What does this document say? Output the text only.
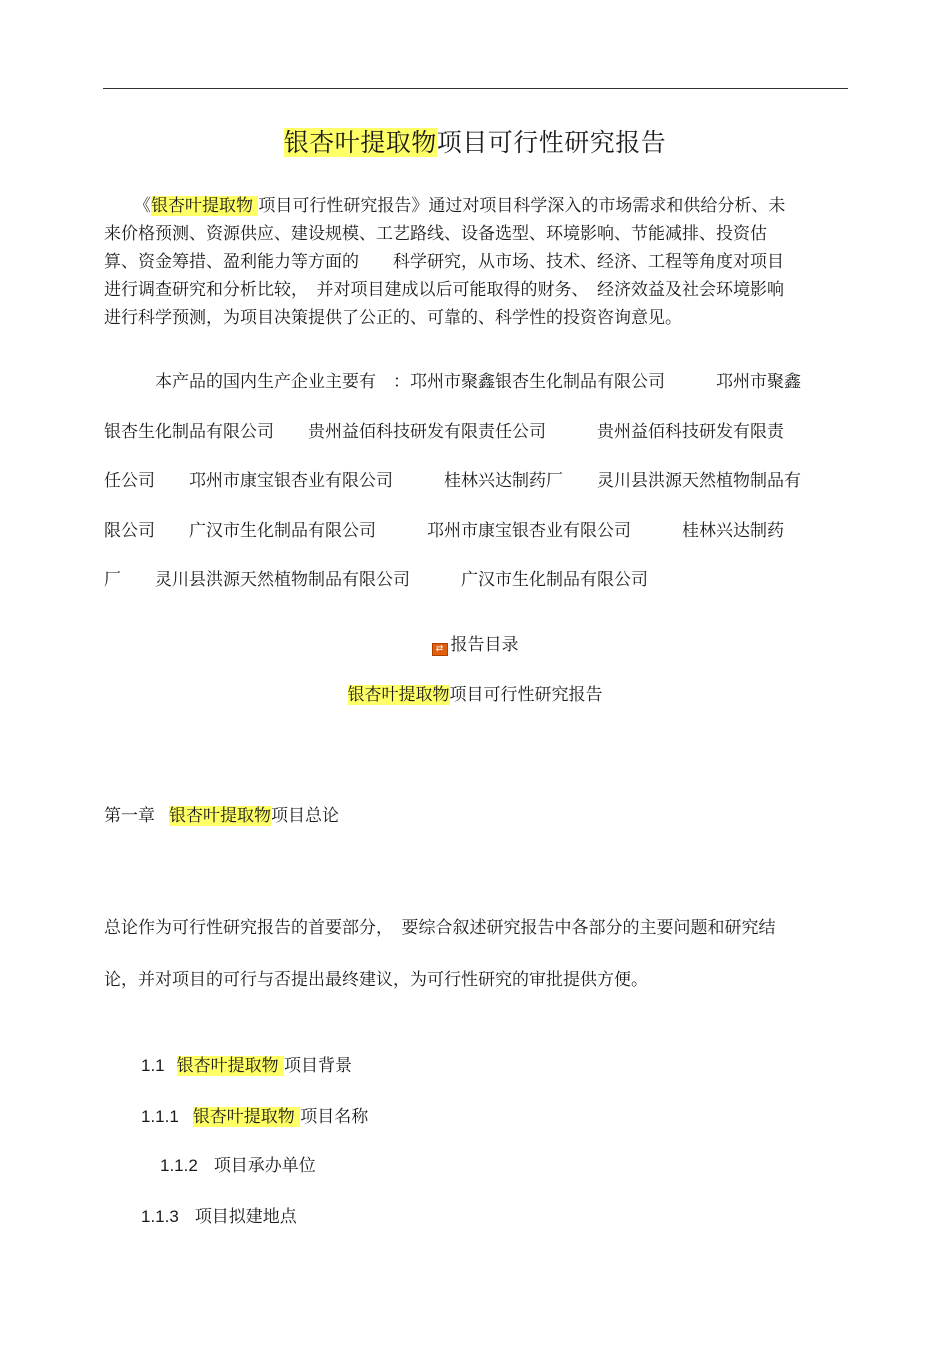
银杏叶提取物项目可行性研究报告

《银杏叶提取物 项目可行性研究报告》通过对项目科学深入的市场需求和供给分析、未

来价格预测、资源供应、建设规模、工艺路线、设备选型、环境影响、节能减排、投资估

算、资金筹措、盈利能力等方面的　　科学研究，从市场、技术、经济、工程等角度对项目

进行调查研究和分析比较，　并对项目建成以后可能取得的财务、　经济效益及社会环境影响

进行科学预测，为项目决策提供了公正的、可靠的、科学性的投资咨询意见。

　　　本产品的国内生产企业主要有　：邛州市聚鑫银杏生化制品有限公司　　　邛州市聚鑫

银杏生化制品有限公司　　贵州益佰科技研发有限责任公司　　　贵州益佰科技研发有限责

任公司　　邛州市康宝银杏业有限公司　　　桂林兴达制药厂　　灵川县洪源天然植物制品有

限公司　　广汉市生化制品有限公司　　　邛州市康宝银杏业有限公司　　　桂林兴达制药

厂　　灵川县洪源天然植物制品有限公司　　　广汉市生化制品有限公司

⇄ 报告目录
银杏叶提取物项目可行性研究报告
第一章 银杏叶提取物项目总论

总论作为可行性研究报告的首要部分，　要综合叙述研究报告中各部分的主要问题和研究结

论，并对项目的可行与否提出最终建议，为可行性研究的审批提供方便。

1.1 银杏叶提取物 项目背景
1.1.1 银杏叶提取物 项目名称
1.1.2 项目承办单位
1.1.3 项目拟建地点
